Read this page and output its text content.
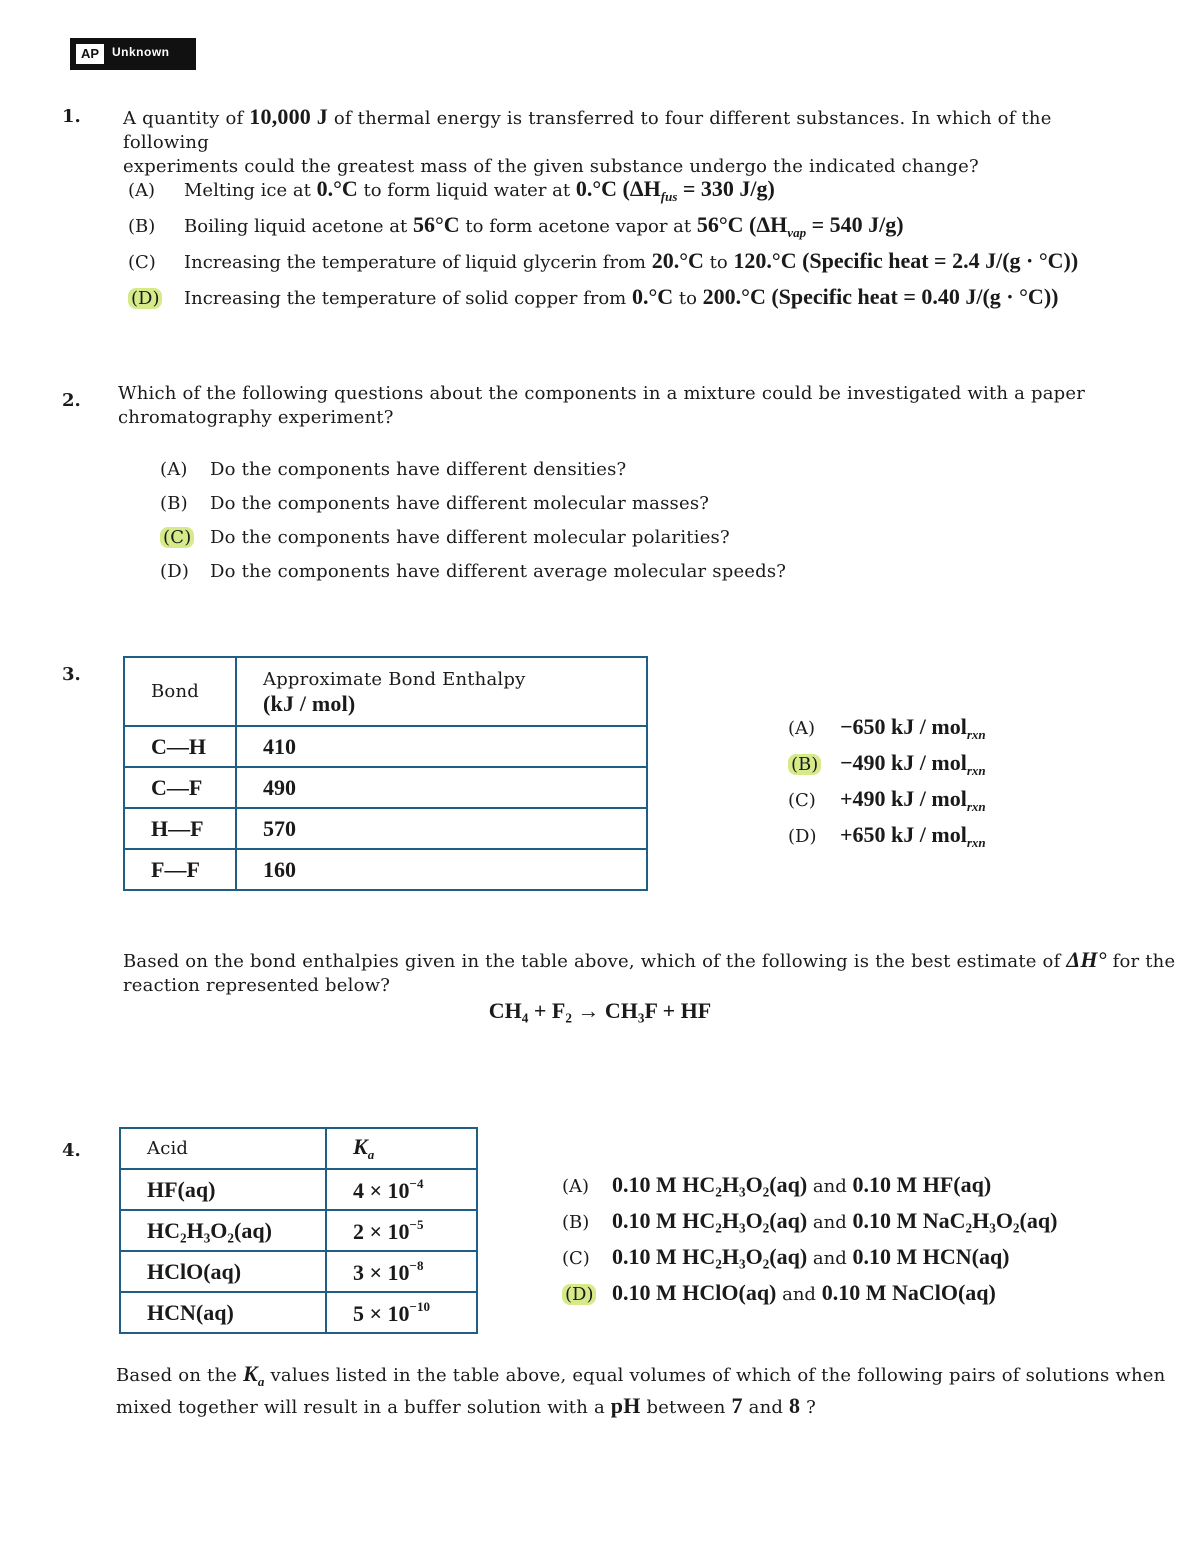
AP	Unknown
1. A quantity of 10,000 J of thermal energy is transferred to four different substances. In which of the following
experiments could the greatest mass of the given substance undergo the indicated change?
(A) Melting ice at 0.°C to form liquid water at 0.°C ($\Delta H_{fus} = 330$ J/g)
(B) Boiling liquid acetone at 56°C to form acetone vapor at 56°C ($\Delta H_{vap} = 540$ J/g)
(C) Increasing the temperature of liquid glycerin from 20.°C to 120.°C (Specific heat = 2.4 J/(g · °C))
(D) Increasing the temperature of solid copper from 0.°C to 200.°C (Specific heat = 0.40 J/(g · °C))
2. Which of the following questions about the components in a mixture could be investigated with a paper
chromatography experiment?
(A) Do the components have different densities?
(B) Do the components have different molecular masses?
(C) Do the components have different molecular polarities?
(D) Do the components have different average molecular speeds?
3.
Bond	Approximate Bond Enthalpy
(kJ / mol)

C—H	410
C—F	490
H—F	570
F—F	160
(A) −650 kJ / mol$_{rxn}$
(B) −490 kJ / mol$_{rxn}$
(C) +490 kJ / mol$_{rxn}$
(D) +650 kJ / mol$_{rxn}$
Based on the bond enthalpies given in the table above, which of the following is the best estimate of ΔH° for the
reaction represented below?
CH₄ + F₂ → CH₃F + HF
4.	Acid	$K_a$
HF(aq)	$4 \times 10^{-4}$
HC₂H₃O₂(aq)	$2 \times 10^{-5}$
HClO(aq)	$3 \times 10^{-8}$
HCN(aq)	$5 \times 10^{-10}$
(A) 0.10 M HC₂H₃O₂(aq) and 0.10 M HF(aq)
(B) 0.10 M HC₂H₃O₂(aq) and 0.10 M NaC₂H₃O₂(aq)
(C) 0.10 M HC₂H₃O₂(aq) and 0.10 M HCN(aq)
(D) 0.10 M HClO(aq) and 0.10 M NaClO(aq)
Based on the $K_a$ values listed in the table above, equal volumes of which of the following pairs of solutions when
mixed together will result in a buffer solution with a pH between 7 and 8 ?
